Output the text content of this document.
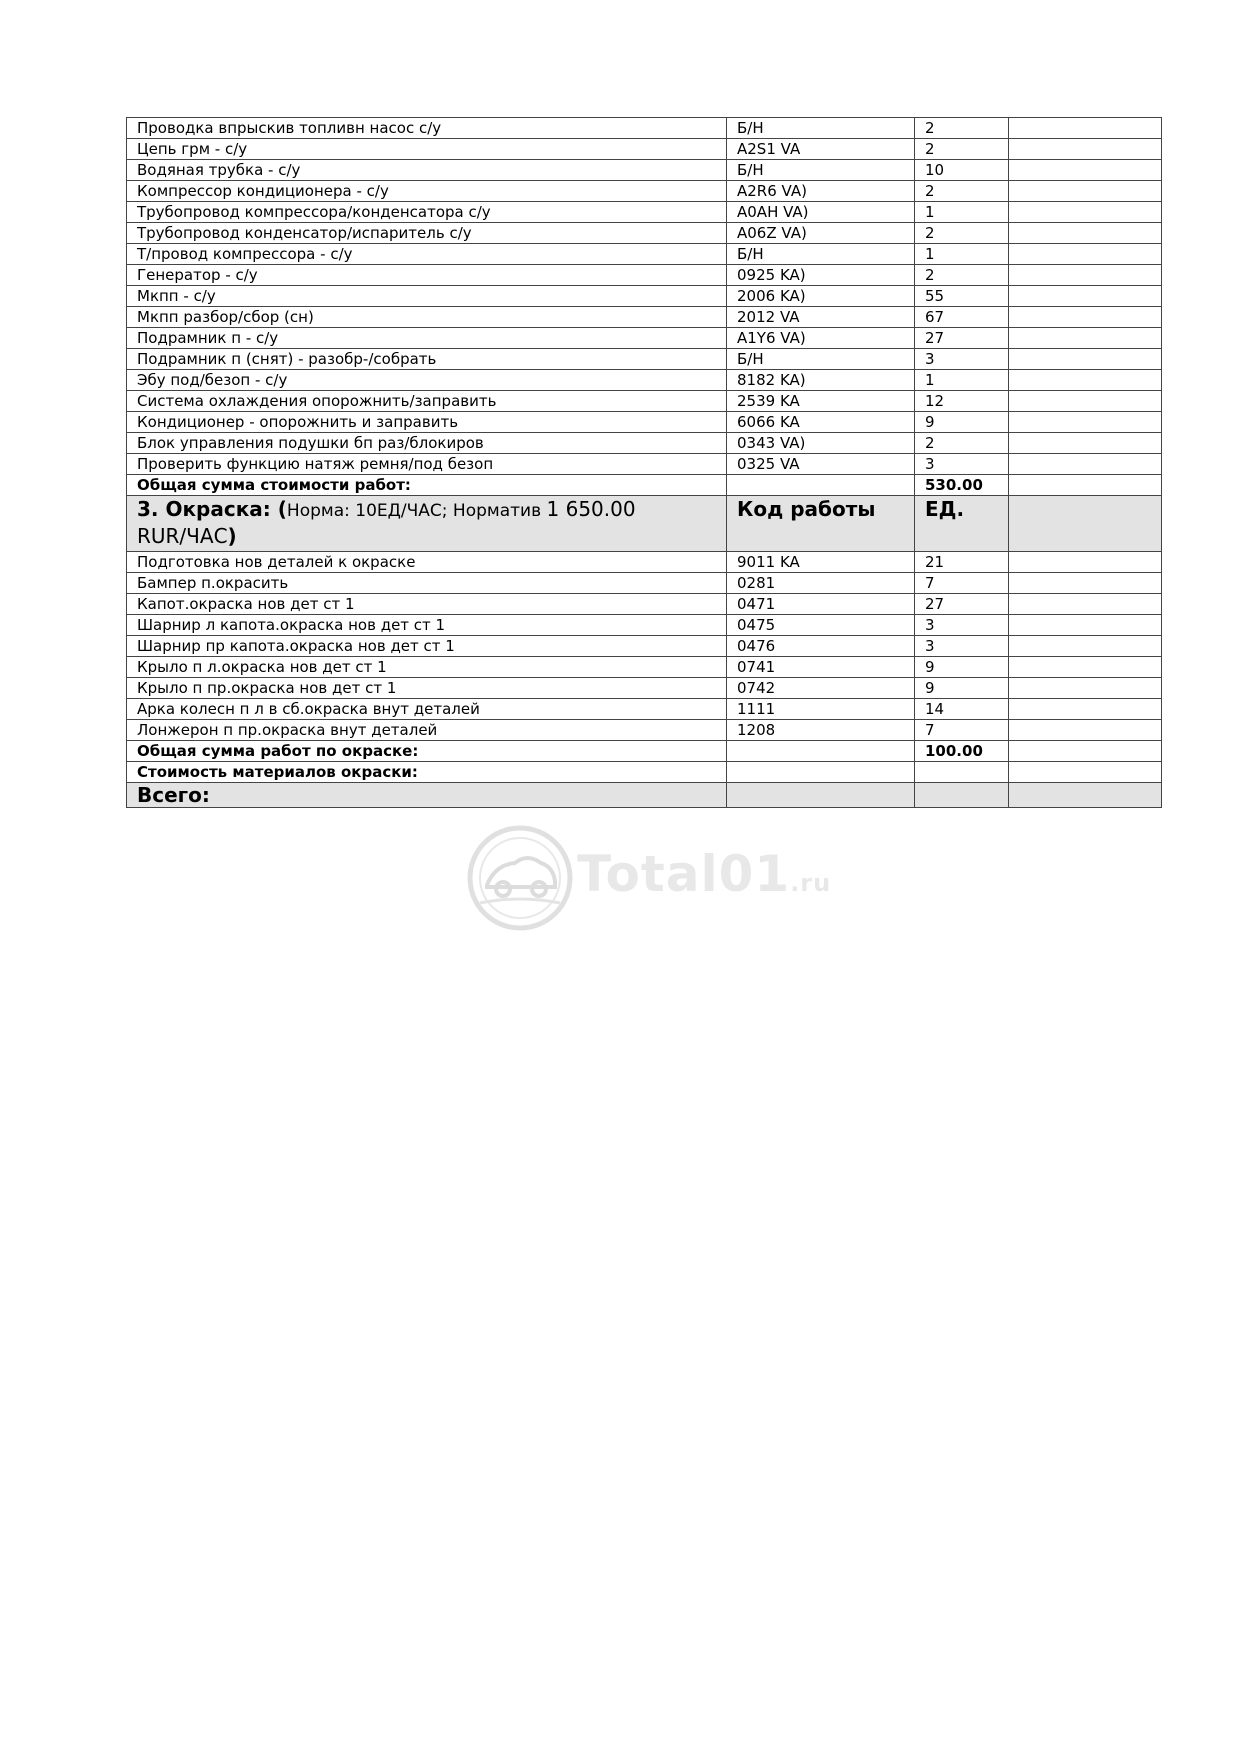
Проводка впрыскив топливн насос с/у	Б/Н	2	
Цепь грм - с/у	A2S1 VA	2	
Водяная трубка - с/у	Б/Н	10	
Компрессор кондиционера - с/у	A2R6 VA)	2	
Трубопровод компрессора/конденсатора с/у	A0AH VA)	1	
Трубопровод конденсатор/испаритель с/у	A06Z VA)	2	
Т/провод компрессора - с/у	Б/Н	1	
Генератор - с/у	0925 KA)	2	
Мкпп - с/у	2006 KA)	55	
Мкпп разбор/сбор (сн)	2012 VA	67	
Подрамник п - с/у	A1Y6 VA)	27	
Подрамник п (снят) - разобр-/собрать	Б/Н	3	
Эбу под/безоп - с/у	8182 KA)	1	
Система охлаждения опорожнить/заправить	2539 KA	12	
Кондиционер - опорожнить и заправить	6066 KA	9	
Блок управления подушки бп раз/блокиров	0343 VA)	2	
Проверить функцию натяж ремня/под безоп	0325 VA	3	
Общая сумма стоимости работ:		530.00	
3. Окраска: (Норма: 10ЕД/ЧАС; Норматив 1 650.00
RUR/ЧАС)	Код работы	ЕД.	
Подготовка нов деталей к окраске	9011 KA	21	
Бампер п.окрасить	0281	7	
Капот.окраска нов дет ст 1	0471	27	
Шарнир л капота.окраска нов дет ст 1	0475	3	
Шарнир пр капота.окраска нов дет ст 1	0476	3	
Крыло п л.окраска нов дет ст 1	0741	9	
Крыло п пр.окраска нов дет ст 1	0742	9	
Арка колесн п л в сб.окраска внут деталей	1111	14	
Лонжерон п пр.окраска внут деталей	1208	7	
Общая сумма работ по окраске:		100.00	
Стоимость материалов окраски:			
Всего:			
Total01.ru
